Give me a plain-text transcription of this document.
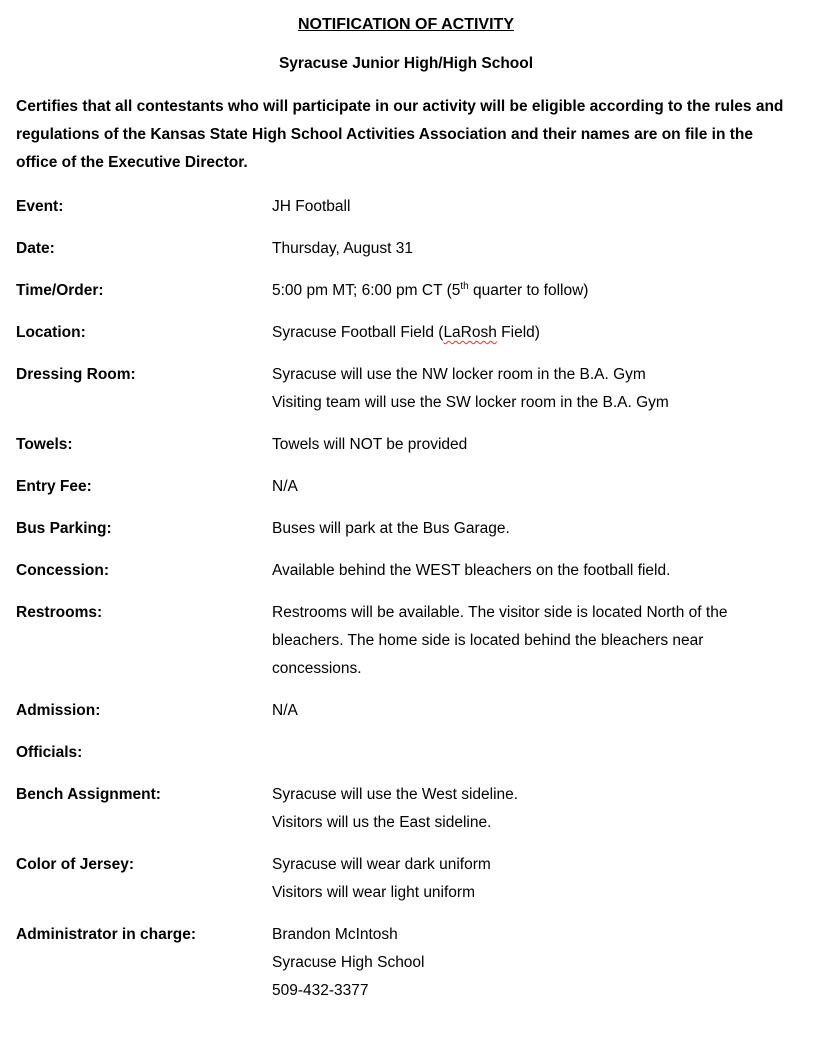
NOTIFICATION OF ACTIVITY
Syracuse Junior High/High School

Certifies that all contestants who will participate in our activity will be eligible according to the rules and regulations of the Kansas State High School Activities Association and their names are on file in the office of the Executive Director.

Event:	JH Football
Date:	Thursday, August 31
Time/Order:	5:00 pm MT; 6:00 pm CT (5th quarter to follow)
Location:	Syracuse Football Field (LaRosh Field)
Dressing Room:	Syracuse will use the NW locker room in the B.A. Gym
Visiting team will use the SW locker room in the B.A. Gym
Towels:	Towels will NOT be provided
Entry Fee:	N/A
Bus Parking:	Buses will park at the Bus Garage.
Concession:	Available behind the WEST bleachers on the football field.
Restrooms:	Restrooms will be available. The visitor side is located North of the bleachers. The home side is located behind the bleachers near concessions.
Admission:	N/A
Officials:
Bench Assignment:	Syracuse will use the West sideline.
Visitors will us the East sideline.
Color of Jersey:	Syracuse will wear dark uniform
Visitors will wear light uniform
Administrator in charge:	Brandon McIntosh
Syracuse High School
509-432-3377
